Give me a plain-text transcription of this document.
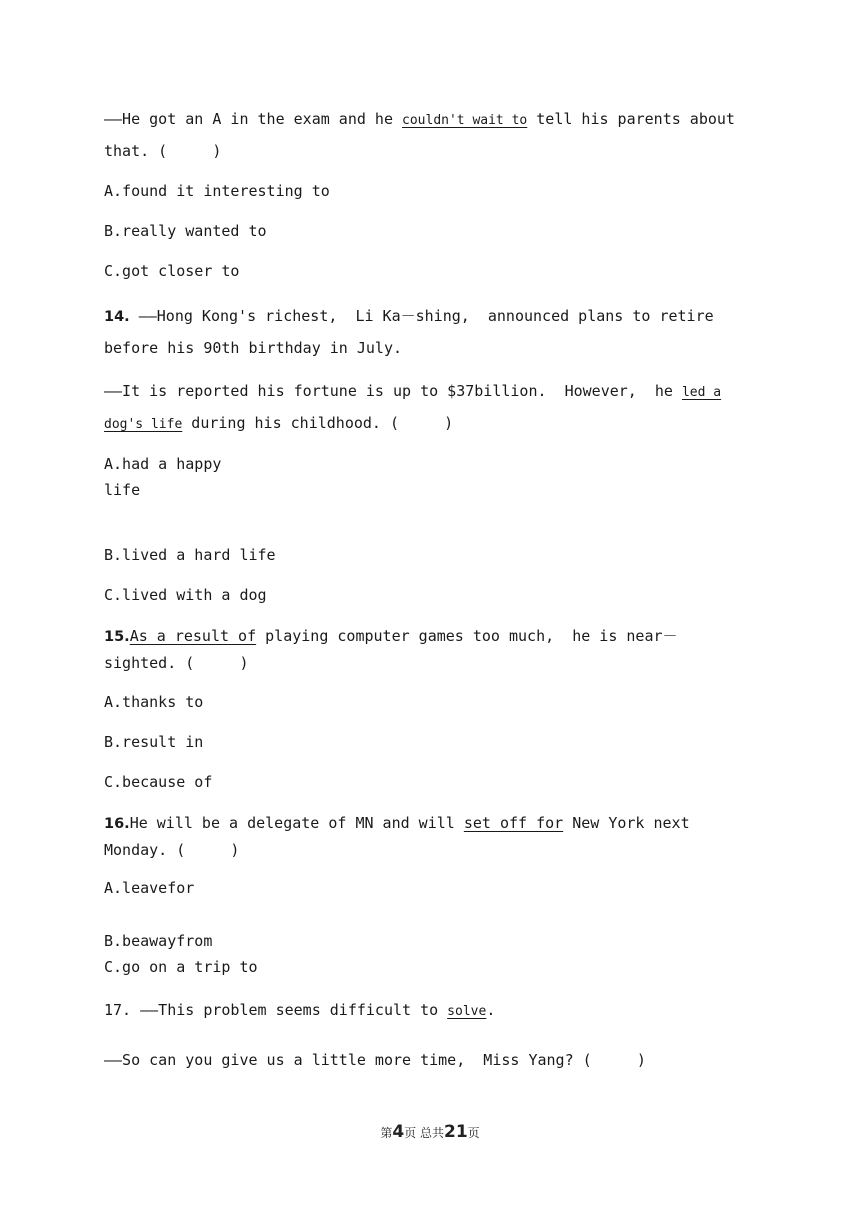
——He got an A in the exam and he couldn't wait to tell his parents about
that. (     )
A.found it interesting to
B.really wanted to
C.got closer to
14. ——Hong Kong's richest,  Li Ka－shing,  announced plans to retire
before his 90th birthday in July.
——It is reported his fortune is up to $37billion.  However,  he led a
dog's life during his childhood. (     )
A.had a happy
life
B.lived a hard life
C.lived with a dog
15.As a result of playing computer games too much,  he is near－
sighted. (     )
A.thanks to
B.result in
C.because of
16.He will be a delegate of MN and will set off for New York next
Monday. (     )
A.leavefor
B.beawayfrom
C.go on a trip to
17. ——This problem seems difficult to solve.
——So can you give us a little more time,  Miss Yang? (     )
第4页 总共21页
